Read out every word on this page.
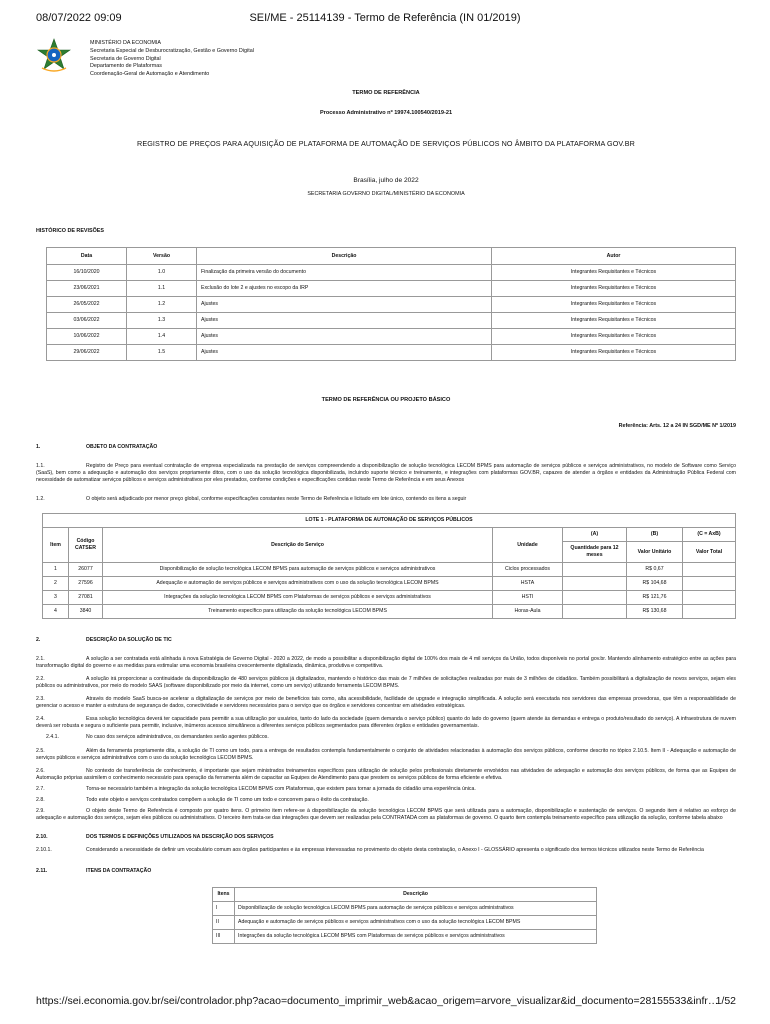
08/07/2022 09:09	SEI/ME - 25114139 - Termo de Referência (IN 01/2019)
MINISTÉRIO DA ECONOMIA
Secretaria Especial de Desburocratização, Gestão e Governo Digital
Secretaria de Governo Digital
Departamento de Plataformas
Coordenação-Geral de Automação e Atendimento
TERMO DE REFERÊNCIA
Processo Administrativo nº 19974.100540/2019-21
REGISTRO DE PREÇOS PARA AQUISIÇÃO DE PLATAFORMA DE AUTOMAÇÃO DE SERVIÇOS PÚBLICOS NO ÂMBITO DA PLATAFORMA GOV.BR
Brasília, julho de 2022
SECRETARIA GOVERNO DIGITAL/MINISTÉRIO DA ECONOMIA
HISTÓRICO DE REVISÕES
Data	Versão	Descrição	Autor
16/10/2020	1.0	Finalização da primeira versão do documento	Integrantes Requisitantes e Técnicos
23/06/2021	1.1	Exclusão do lote 2 e ajustes no escopo da IRP	Integrantes Requisitantes e Técnicos
26/05/2022	1.2	Ajustes	Integrantes Requisitantes e Técnicos
03/06/2022	1.3	Ajustes	Integrantes Requisitantes e Técnicos
10/06/2022	1.4	Ajustes	Integrantes Requisitantes e Técnicos
29/06/2022	1.5	Ajustes	Integrantes Requisitantes e Técnicos
TERMO DE REFERÊNCIA OU PROJETO BÁSICO
Referência: Arts. 12 a 24 IN SGD/ME Nº 1/2019
1.	OBJETO DA CONTRATAÇÃO

1.1.	Registro de Preço para eventual contratação de empresa especializada na prestação de serviços compreendendo a disponibilização de solução tecnológica LECOM BPMS para automação de serviços públicos e serviços administrativos, no modelo de Software como Serviço (SaaS), bem como a adequação e automação dos serviços propriamente ditos, com o uso da solução tecnológica disponibilizada, incluindo suporte técnico e treinamento, e integrações com plataformas GOV.BR, capazes de atender a órgãos e entidades da Administração Pública Federal com necessidade de automatizar serviços públicos e serviços administrativos por eles prestados, conforme condições e especificações contidas neste Termo de Referência e em seus Anexos

1.2.	O objeto será adjudicado por menor preço global, conforme especificações constantes neste Termo de Referência e licitado em lote único, contendo os itens a seguir

LOTE 1 - PLATAFORMA DE AUTOMAÇÃO DE SERVIÇOS PÚBLICOS						
Item	Código CATSER	Descrição do Serviço	Unidade	(A)	(B)	(C = AxB)
				Quantidade para 12 meses	Valor Unitário	Valor Total
1	26077	Disponibilização de solução tecnológica LECOM BPMS para automação de serviços públicos e serviços administrativos	Ciclos processados		R$ 0,67	
2	27596	Adequação e automação de serviços públicos e serviços administrativos com o uso da solução tecnológica LECOM BPMS	HSTA		R$ 104,68	
3	27081	Integrações da solução tecnológica LECOM BPMS com Plataformas de serviços públicos e serviços administrativos	HSTI		R$ 121,76	
4	3840	Treinamento específico para utilização da solução tecnológica LECOM BPMS	Horas-Aula		R$ 130,68	
2.	DESCRIÇÃO DA SOLUÇÃO DE TIC

2.1.	A solução a ser contratada está alinhada à nova Estratégia de Governo Digital - 2020 a 2022, de modo a possibilitar a disponibilização digital de 100% dos mais de 4 mil serviços da União, todos disponíveis no portal gov.br. Mantendo alinhamento estratégico entre as ações para transformação digital do governo e as medidas para estimular uma economia brasileira crescentemente digitalizada, dinâmica, produtiva e competitiva.

2.2.	A solução irá proporcionar a continuidade da disponibilização de 480 serviços públicos já digitalizados, mantendo o histórico das mais de 7 milhões de solicitações realizadas por mais de 3 milhões de cidadãos. Também possibilitará a digitalização de novos serviços, sejam eles públicos ou administrativos, por meio do modelo SAAS (software disponibilizado por meio da internet, como um serviço) utilizando ferramenta LECOM BPMS.

2.3.	Através do modelo SaaS busca-se acelerar a digitalização de serviços por meio de benefícios tais como, alta acessibilidade, facilidade de upgrade e integração simplificada. A solução será executada nos servidores das empresas provedoras, que têm a responsabilidade de gerenciar o acesso e manter a estrutura de segurança de dados, conectividade e servidores necessários para o serviço que os órgãos e servidores concentrar em atividades estratégicas.

2.4.	Essa solução tecnológica deverá ter capacidade para permitir a sua utilização por usuários, tanto do lado da sociedade (quem demanda o serviço público) quanto do lado do governo (quem atende às demandas e entrega o produto/resultado do serviço). A infraestrutura de nuvem deverá ser robusta e segura o suficiente para permitir, inclusive, inúmeros acessos simultâneos a diferentes serviços públicos segmentados para diferentes órgãos e entidades governamentais.

2.4.1.	No caso dos serviços administrativos, os demandantes serão agentes públicos.

2.5.	Além da ferramenta propriamente dita, a solução de TI como um todo, para a entrega de resultados contempla fundamentalmente o conjunto de atividades relacionadas à automação dos serviços públicos, conforme descrito no tópico 2.10.5. Item II - Adequação e automação de serviços públicos e serviços administrativos com o uso da solução tecnológica LECOM BPMS.

2.6.	No contexto de transferência de conhecimento, é importante que sejam ministrados treinamentos específicos para utilização de solução pelos profissionais diretamente envolvidos nas atividades de adequação e automação dos serviços públicos, de forma que as Equipes de Automação próprias assimilem o conhecimento necessário para operação da ferramenta além de capacitar as Equipes de Atendimento para que prestem os serviços públicos de forma eficiente e efetiva.

2.7.	Torna-se necessário também a integração da solução tecnológica LECOM BPMS com Plataformas, que existem para tornar a jornada do cidadão uma experiência única.

2.8.	Todo este objeto e serviços contratados compõem a solução de TI como um todo e concorrem para o êxito da contratação.

2.9.	O objeto deste Termo de Referência é composto por quatro itens. O primeiro item refere-se à disponibilização da solução tecnológica LECOM BPMS que será utilizada para a automação, disponibilização e sustentação de serviços. O segundo item é relativo ao esforço de adequação e automação dos serviços, sejam eles públicos ou administrativos. O terceiro item trata-se das integrações que devem ser realizadas pela CONTRATADA com as plataformas de governo. O quarto item contempla treinamento específico para utilização da solução, conforme tabela abaixo

2.10.	DOS TERMOS E DEFINIÇÕES UTILIZADOS NA DESCRIÇÃO DOS SERVIÇOS

2.10.1.	Considerando a necessidade de definir um vocabulário comum aos órgãos participantes e às empresas interessadas no provimento do objeto desta contratação, o Anexo I - GLOSSÁRIO apresenta o significado dos termos técnicos utilizados neste Termo de Referência

2.11.	ITENS DA CONTRATAÇÃO

Itens	Descrição
I	Disponibilização de solução tecnológica LECOM BPMS para automação de serviços públicos e serviços administrativos
II	Adequação e automação de serviços públicos e serviços administrativos com o uso da solução tecnológica LECOM BPMS
III	Integrações da solução tecnológica LECOM BPMS com Plataformas de serviços públicos e serviços administrativos
https://sei.economia.gov.br/sei/controlador.php?acao=documento_imprimir_web&acao_origem=arvore_visualizar&id_documento=28155533&infr…
1/52
